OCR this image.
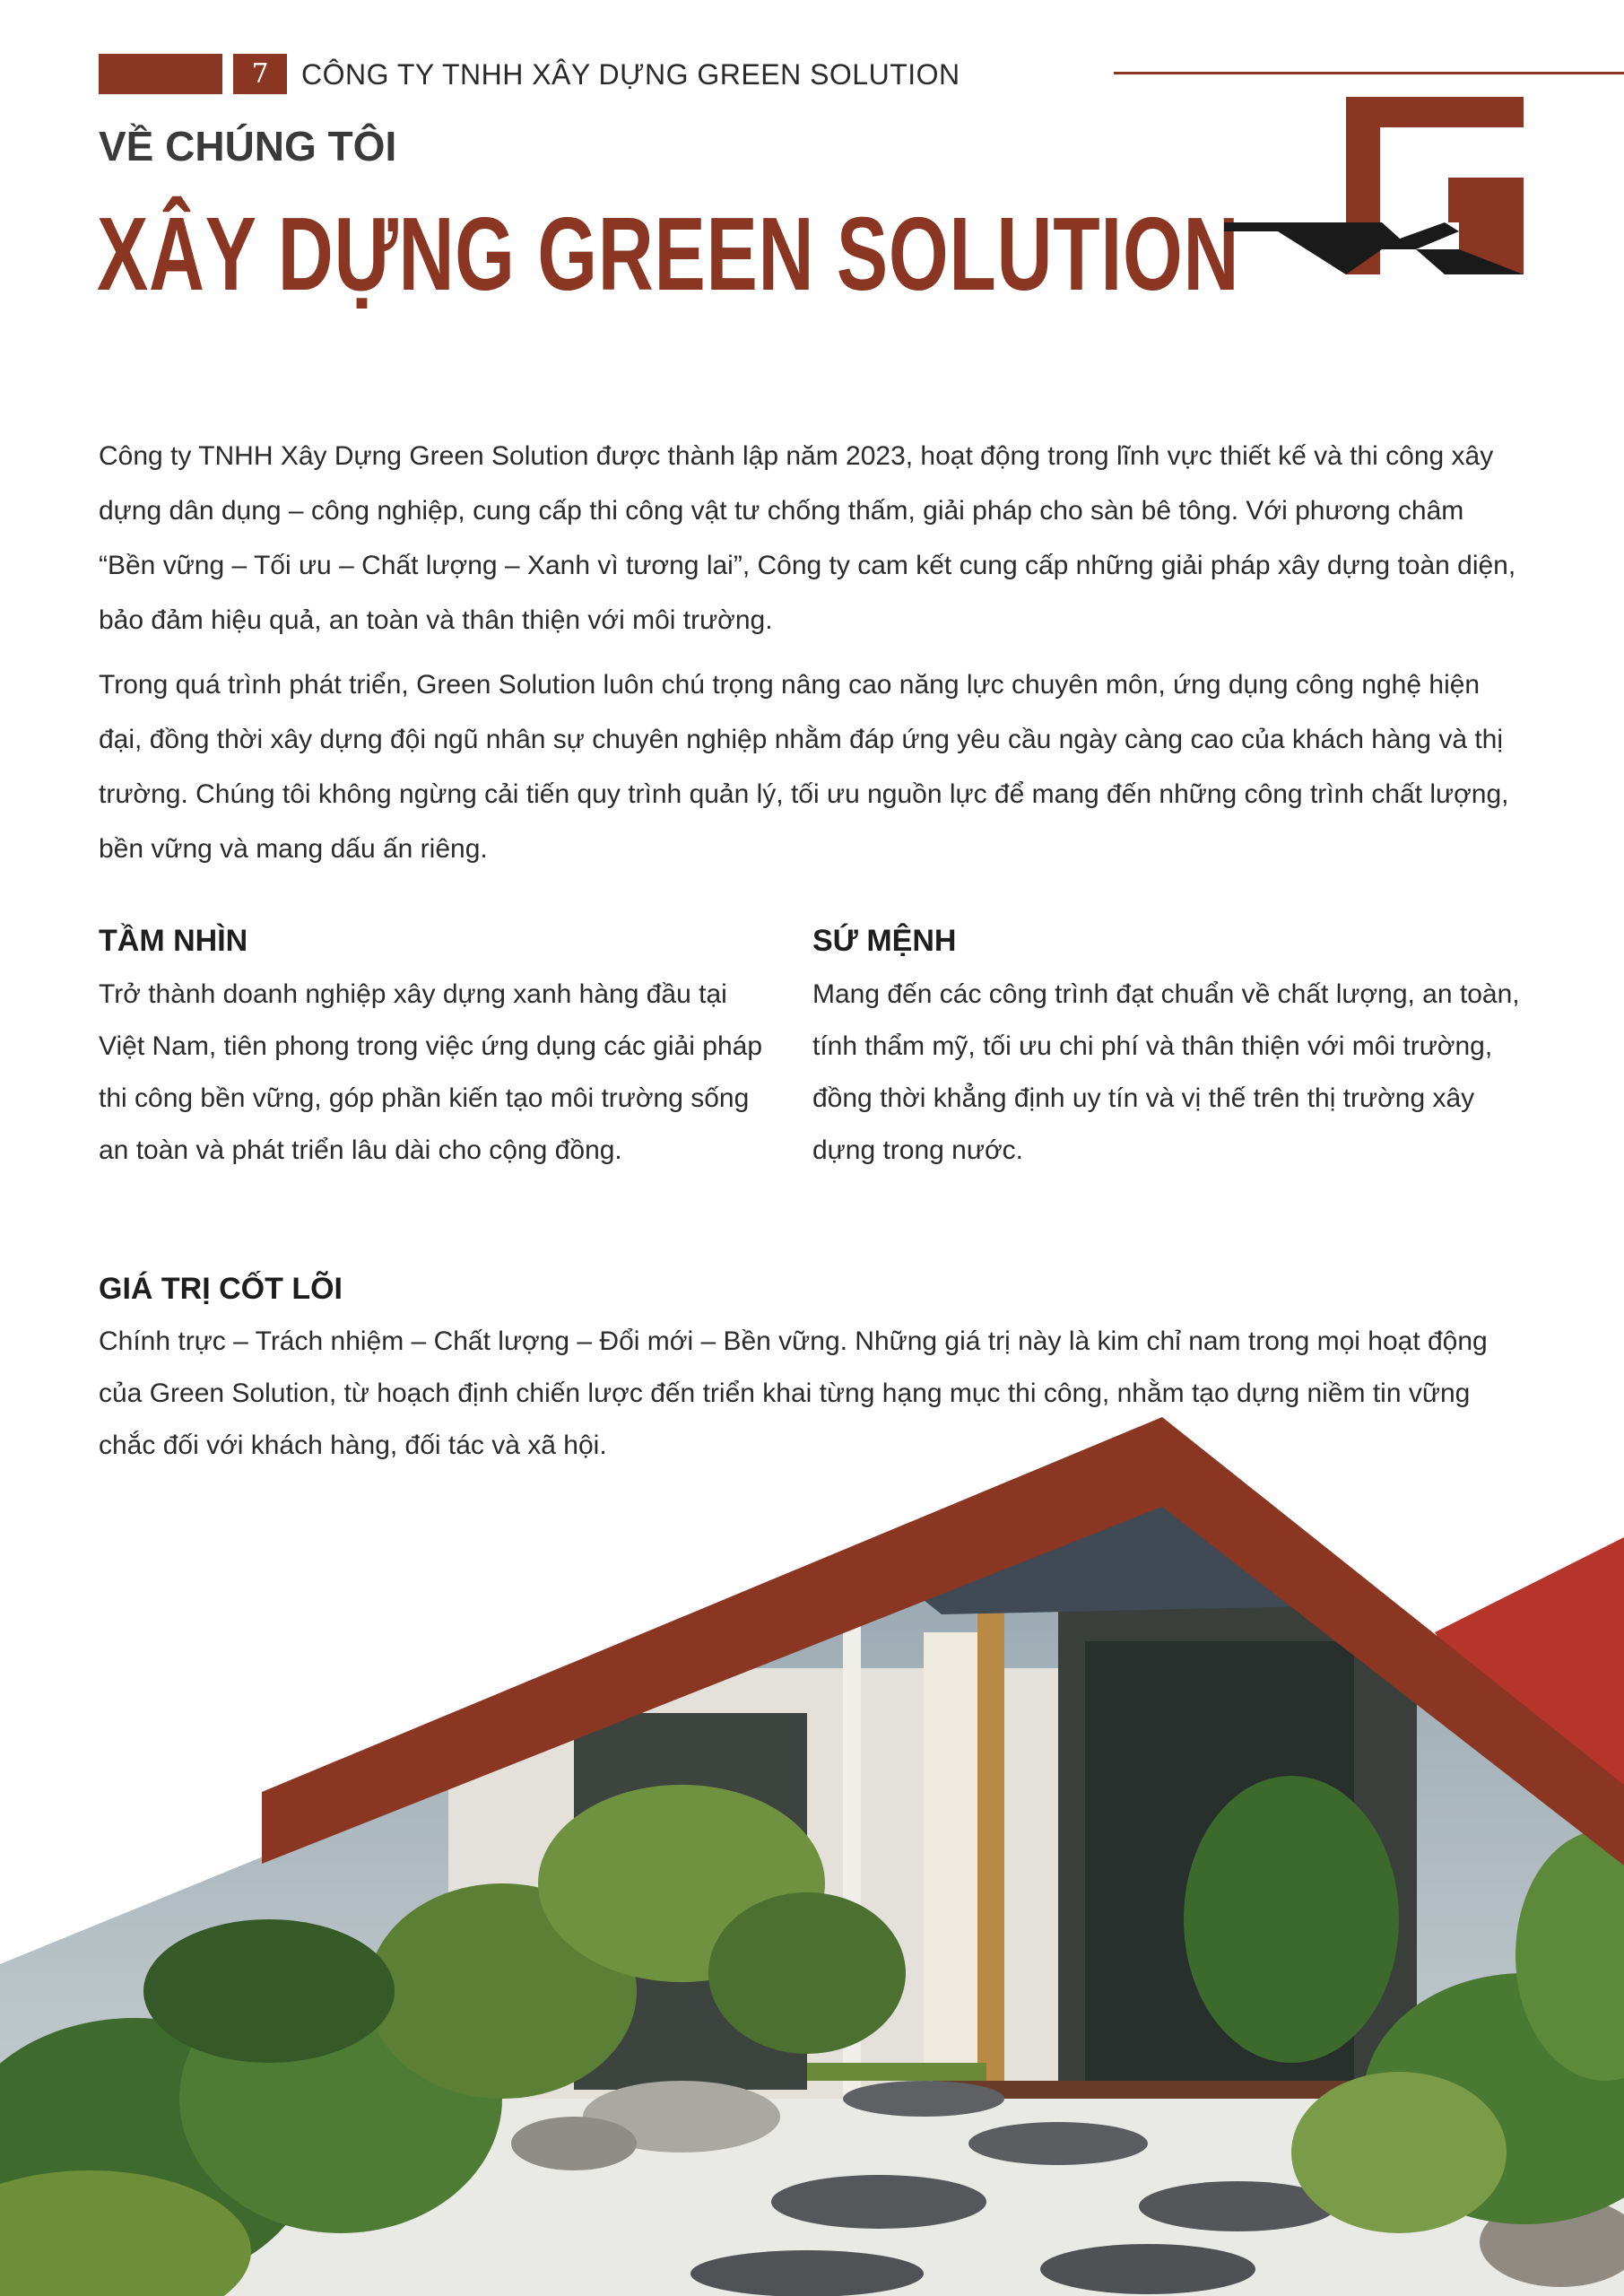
7	CÔNG TY TNHH XÂY DỰNG GREEN SOLUTION
VỀ CHÚNG TÔI
XÂY DỰNG GREEN SOLUTION

Công ty TNHH Xây Dựng Green Solution được thành lập năm 2023, hoạt động trong lĩnh vực thiết kế và thi công xây dựng dân dụng – công nghiệp, cung cấp thi công vật tư chống thấm, giải pháp cho sàn bê tông. Với phương châm “Bền vững – Tối ưu – Chất lượng – Xanh vì tương lai”, Công ty cam kết cung cấp những giải pháp xây dựng toàn diện, bảo đảm hiệu quả, an toàn và thân thiện với môi trường.

Trong quá trình phát triển, Green Solution luôn chú trọng nâng cao năng lực chuyên môn, ứng dụng công nghệ hiện đại, đồng thời xây dựng đội ngũ nhân sự chuyên nghiệp nhằm đáp ứng yêu cầu ngày càng cao của khách hàng và thị trường. Chúng tôi không ngừng cải tiến quy trình quản lý, tối ưu nguồn lực để mang đến những công trình chất lượng, bền vững và mang dấu ấn riêng.

TẦM NHÌN

Trở thành doanh nghiệp xây dựng xanh hàng đầu tại Việt Nam, tiên phong trong việc ứng dụng các giải pháp thi công bền vững, góp phần kiến tạo môi trường sống an toàn và phát triển lâu dài cho cộng đồng.

SỨ MỆNH

Mang đến các công trình đạt chuẩn về chất lượng, an toàn, tính thẩm mỹ, tối ưu chi phí và thân thiện với môi trường, đồng thời khẳng định uy tín và vị thế trên thị trường xây dựng trong nước.

GIÁ TRỊ CỐT LÕI

Chính trực – Trách nhiệm – Chất lượng – Đổi mới – Bền vững. Những giá trị này là kim chỉ nam trong mọi hoạt động của Green Solution, từ hoạch định chiến lược đến triển khai từng hạng mục thi công, nhằm tạo dựng niềm tin vững chắc đối với khách hàng, đối tác và xã hội.
